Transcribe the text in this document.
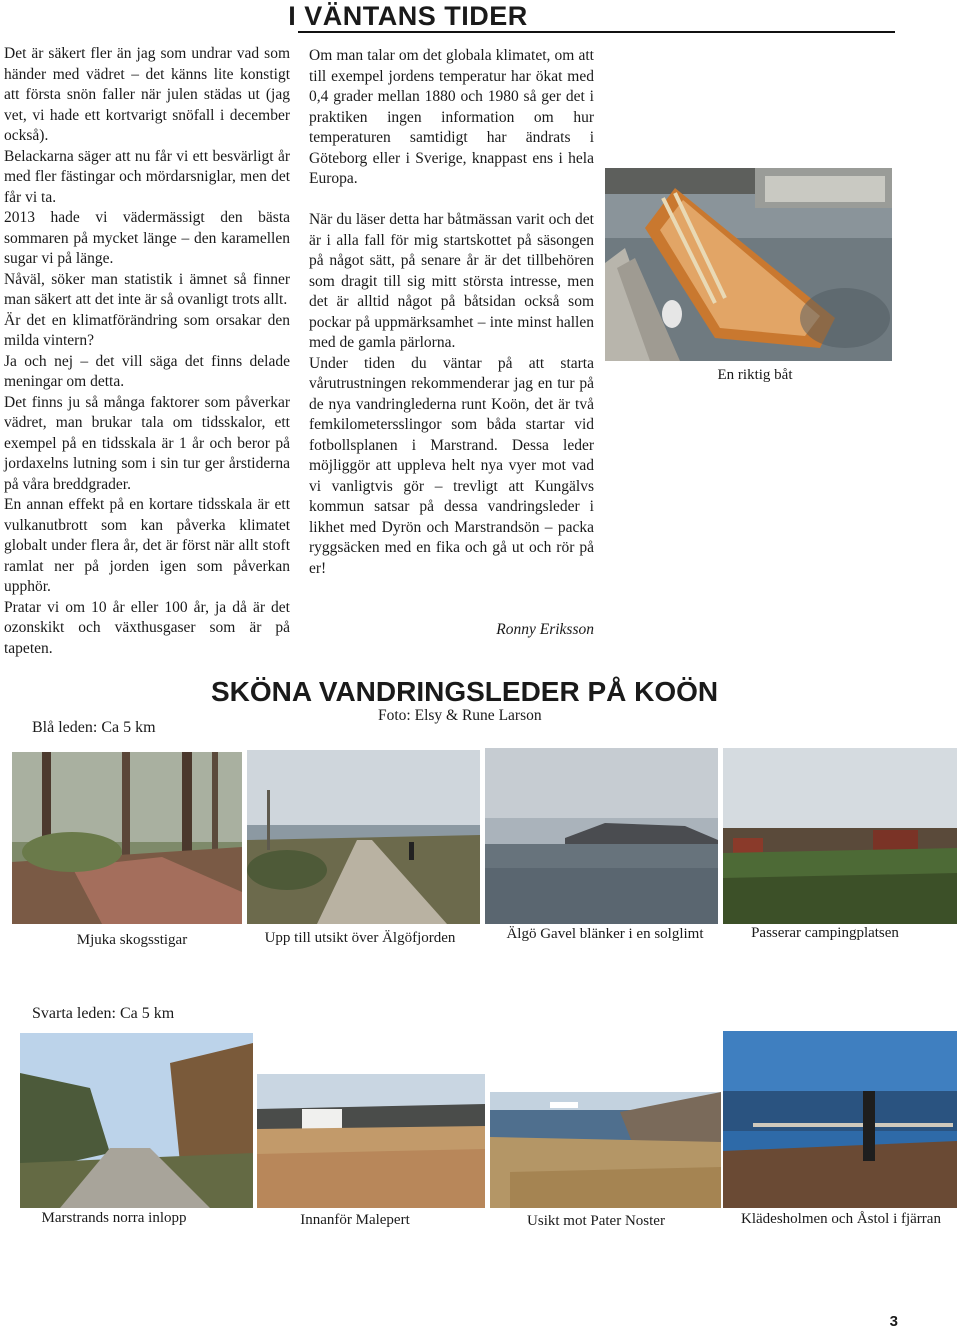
I VÄNTANS TIDER

Det är säkert fler än jag som undrar vad som händer med vädret – det känns lite konstigt att första snön faller när julen städas ut (jag vet, vi hade ett kortvarigt snöfall i december också).

Belackarna säger att nu får vi ett besvärligt år med fler fästingar och mördarsniglar, men det får vi ta.

2013 hade vi vädermässigt den bästa sommaren på mycket länge – den karamellen sugar vi på länge.

Nåväl, söker man statistik i ämnet så finner man säkert att det inte är så ovanligt trots allt.

Är det en klimatförändring som orsakar den milda vintern?

Ja och nej – det vill säga det finns delade meningar om detta.

Det finns ju så många faktorer som påverkar vädret, man brukar tala om tidsskalor, ett exempel på en tidsskala är 1 år och beror på jordaxelns lutning som i sin tur ger årstiderna på våra breddgrader.

En annan effekt på en kortare tidsskala är ett vulkanutbrott som kan påverka klimatet globalt under flera år, det är först när allt stoft ramlat ner på jorden igen som påverkan upphör.

Pratar vi om 10 år eller 100 år, ja då är det ozonskikt och växthusgaser som är på tapeten.

Om man talar om det globala klimatet, om att till exempel jordens temperatur har ökat med 0,4 grader mellan 1880 och 1980 så ger det i praktiken ingen information om hur temperaturen samtidigt har ändrats i Göteborg eller i Sverige, knappast ens i hela Europa.

När du läser detta har båtmässan varit och det är i alla fall för mig startskottet på säsongen på något sätt, på senare år är det tillbehören som dragit till sig mitt största intresse, men det är alltid något på båtsidan också som pockar på uppmärksamhet – inte minst hallen med de gamla pärlorna.

Under tiden du väntar på att starta vårutrustningen rekommenderar jag en tur på de nya vandringlederna runt Koön, det är två femkilometersslingor som båda startar vid fotbollsplanen i Marstrand. Dessa leder möjliggör att uppleva helt nya vyer mot vad vi vanligtvis gör – trevligt att Kungälvs kommun satsar på dessa vandringsleder i likhet med Dyrön och Marstrandsön – packa ryggsäcken med en fika och gå ut och rör på er!

Ronny Eriksson
En riktig båt
SKÖNA VANDRINGSLEDER PÅ KOÖN
Foto: Elsy & Rune Larson
Blå leden: Ca 5 km
Mjuka skogsstigar	Upp till utsikt över Älgöfjorden	Älgö Gavel blänker i en solglimt	Passerar campingplatsen
Svarta leden: Ca 5 km
Marstrands norra inlopp	Innanför Malepert	Usikt mot Pater Noster	Klädesholmen och Åstol i fjärran
3
